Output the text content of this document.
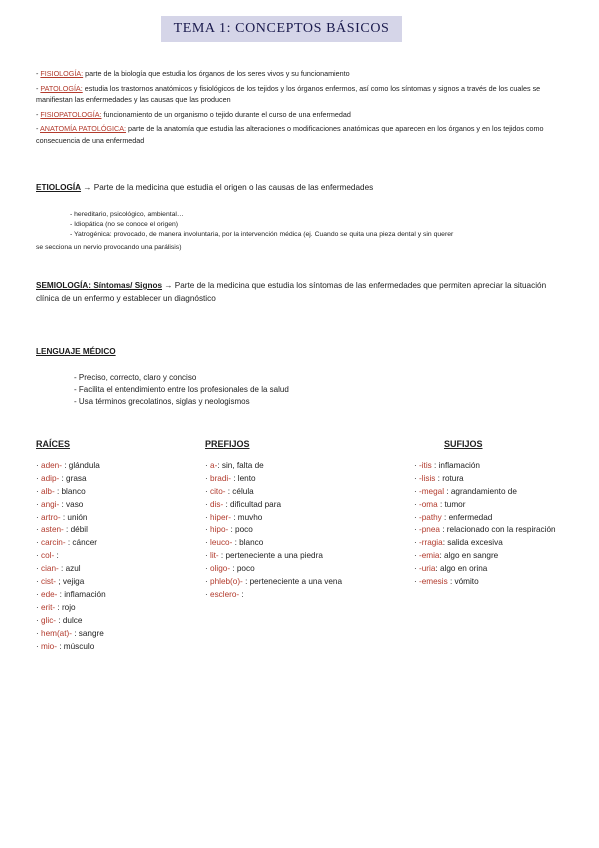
TEMA 1: CONCEPTOS BÁSICOS

- FISIOLOGÍA: parte de la biología que estudia los órganos de los seres vivos y su funcionamiento

- PATOLOGÍA: estudia los trastornos anatómicos y fisiológicos de los tejidos y los órganos enfermos, así como los síntomas y signos a través de los cuales se manifiestan las enfermedades y las causas que las producen

- FISIOPATOLOGÍA: funcionamiento de un organismo o tejido durante el curso de una enfermedad

- ANATOMÍA PATOLÓGICA: parte de la anatomía que estudia las alteraciones o modificaciones anatómicas que aparecen en los órganos y en los tejidos como consecuencia de una enfermedad

ETIOLOGÍA → Parte de la medicina que estudia el origen o las causas de las enfermedades
- hereditario, psicológico, ambiental…
- Idiopática (no se conoce el origen)
- Yatrogénica: provocado, de manera involuntaria, por la intervención médica (ej. Cuando se quita una pieza dental y sin querer
se secciona un nervio provocando una parálisis)
SEMIOLOGÍA: Síntomas/ Signos → Parte de la medicina que estudia los síntomas de las enfermedades que permiten apreciar la situación clínica de un enfermo y establecer un diagnóstico
LENGUAJE MÉDICO
- Preciso, correcto, claro y conciso
- Facilita el entendimiento entre los profesionales de la salud
- Usa términos grecolatinos, siglas y neologismos
RAÍCES
· aden- : glándula
· adip- : grasa
· alb- : blanco
· angi- : vaso
· artro- : unión
· asten- : débil
· carcin- : cáncer
· col- :
· cian- : azul
· cist- ; vejiga
· ede- : inflamación
· erit- : rojo
· glic- : dulce
· hem(at)- : sangre
· mio- : músculo
PREFIJOS
· a-: sin, falta de
· bradi- : lento
· cito- : célula
· dis- : dificultad para
· hiper- : muvho
· hipo- : poco
· leuco- : blanco
· lit- : perteneciente a una piedra
· oligo- : poco
· phleb(o)- : perteneciente a una vena
· esclero- :
SUFIJOS
· -itis : inflamación
· -lisis : rotura
· -megal : agrandamiento de
· -oma : tumor
· -pathy : enfermedad
· -pnea : relacionado con la respiración
· -rragia: salida excesiva
· -emia: algo en sangre
· -uria: algo en orina
· -emesis : vómito
